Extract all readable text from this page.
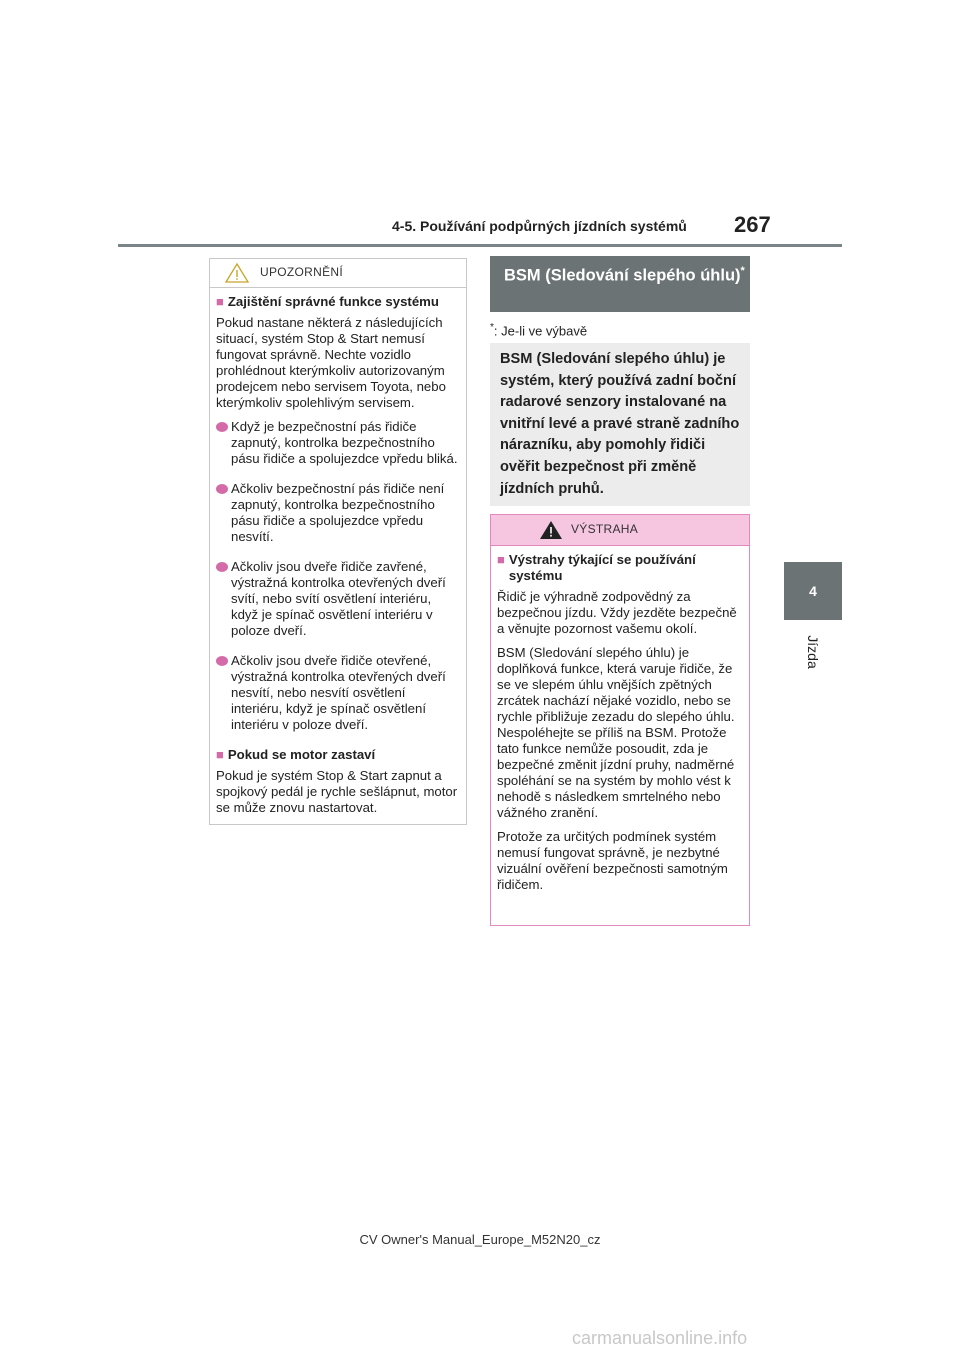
4-5. Používání podpůrných jízdních systémů 267
4
Jízda
UPOZORNĚNÍ
■ Zajištění správné funkce systému

Pokud nastane některá z následujících situací, systém Stop & Start nemusí fungovat správně. Nechte vozidlo prohlédnout kterýmkoliv autorizovaným prodejcem nebo servisem Toyota, nebo kterýmkoliv spolehlivým servisem.

Když je bezpečnostní pás řidiče zapnutý, kontrolka bezpečnostního pásu řidiče a spolujezdce vpředu bliká.
Ačkoliv bezpečnostní pás řidiče není zapnutý, kontrolka bezpečnostního pásu řidiče a spolujezdce vpředu nesvítí.
Ačkoliv jsou dveře řidiče zavřené, výstražná kontrolka otevřených dveří svítí, nebo svítí osvětlení interiéru, když je spínač osvětlení interiéru v poloze dveří.
Ačkoliv jsou dveře řidiče otevřené, výstražná kontrolka otevřených dveří nesvítí, nebo nesvítí osvětlení interiéru, když je spínač osvětlení interiéru v poloze dveří.
■ Pokud se motor zastaví

Pokud je systém Stop & Start zapnut a spojkový pedál je rychle sešlápnut, motor se může znovu nastartovat.

BSM (Sledování slepého úhlu)*
*: Je-li ve výbavě
BSM (Sledování slepého úhlu) je systém, který používá zadní boční radarové senzory instalované na vnitřní levé a pravé straně zadního nárazníku, aby pomohly řidiči ověřit bezpečnost při změně jízdních pruhů.
VÝSTRAHA
■ Výstrahy týkající se používání systému

Řidič je výhradně zodpovědný za bezpečnou jízdu. Vždy jezděte bezpečně a věnujte pozornost vašemu okolí.

BSM (Sledování slepého úhlu) je doplňková funkce, která varuje řidiče, že se ve slepém úhlu vnějších zpětných zrcátek nachází nějaké vozidlo, nebo se rychle přibližuje zezadu do slepého úhlu. Nespoléhejte se příliš na BSM. Protože tato funkce nemůže posoudit, zda je bezpečné změnit jízdní pruhy, nadměrné spoléhání se na systém by mohlo vést k nehodě s následkem smrtelného nebo vážného zranění.

Protože za určitých podmínek systém nemusí fungovat správně, je nezbytné vizuální ověření bezpečnosti samotným řidičem.

CV Owner's Manual_Europe_M52N20_cz
carmanualsonline.info
